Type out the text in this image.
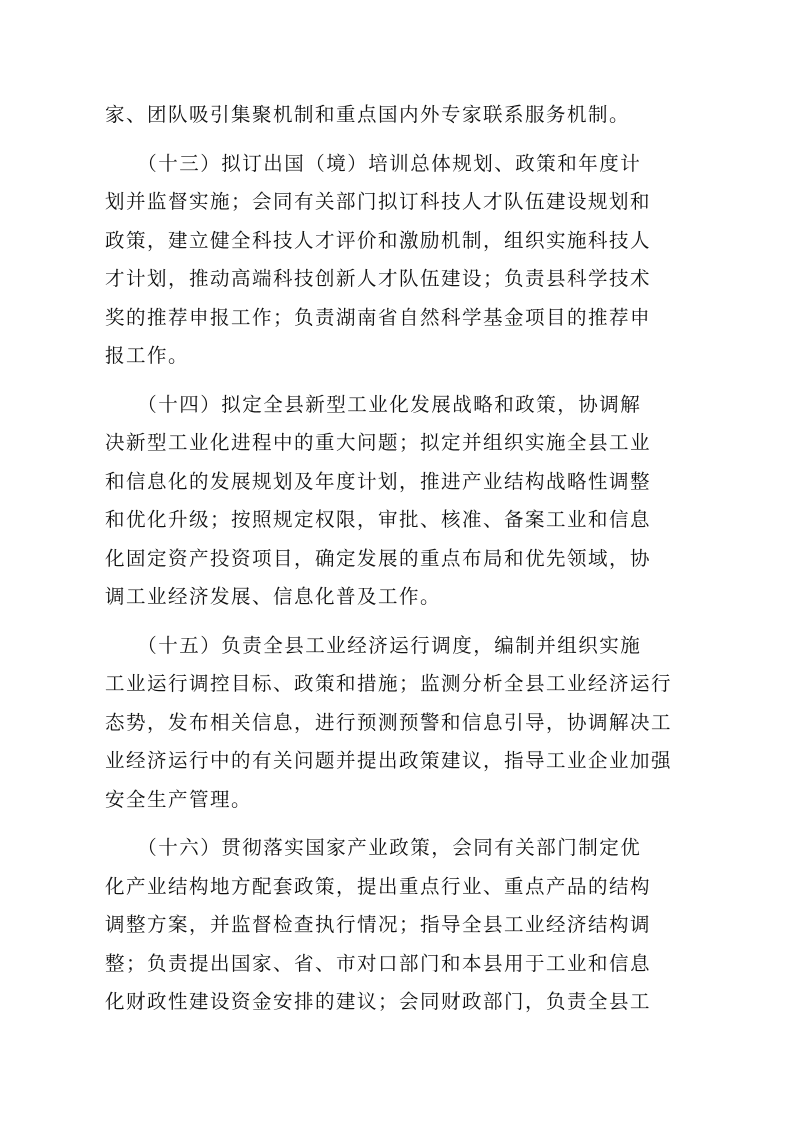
家、团队吸引集聚机制和重点国内外专家联系服务机制。
　　（十三）拟订出国（境）培训总体规划、政策和年度计
划并监督实施；会同有关部门拟订科技人才队伍建设规划和
政策，建立健全科技人才评价和激励机制，组织实施科技人
才计划，推动高端科技创新人才队伍建设；负责县科学技术
奖的推荐申报工作；负责湖南省自然科学基金项目的推荐申
报工作。
　　（十四）拟定全县新型工业化发展战略和政策，协调解
决新型工业化进程中的重大问题；拟定并组织实施全县工业
和信息化的发展规划及年度计划，推进产业结构战略性调整
和优化升级；按照规定权限，审批、核准、备案工业和信息
化固定资产投资项目，确定发展的重点布局和优先领域，协
调工业经济发展、信息化普及工作。
　　（十五）负责全县工业经济运行调度，编制并组织实施
工业运行调控目标、政策和措施；监测分析全县工业经济运行
态势，发布相关信息，进行预测预警和信息引导，协调解决工
业经济运行中的有关问题并提出政策建议，指导工业企业加强
安全生产管理。
　　（十六）贯彻落实国家产业政策，会同有关部门制定优
化产业结构地方配套政策，提出重点行业、重点产品的结构
调整方案，并监督检查执行情况；指导全县工业经济结构调
整；负责提出国家、省、市对口部门和本县用于工业和信息
化财政性建设资金安排的建议；会同财政部门，负责全县工
